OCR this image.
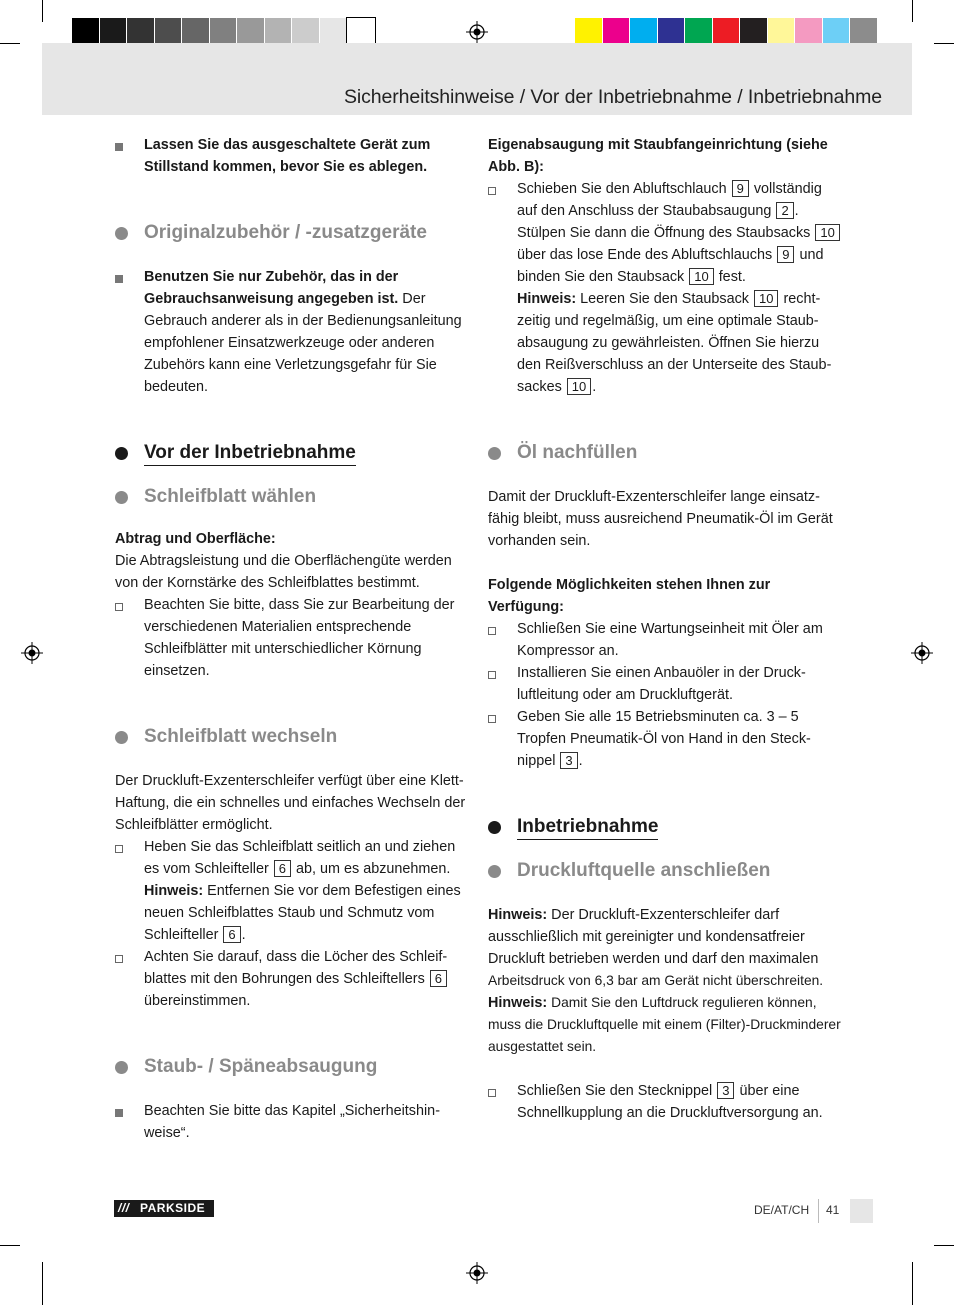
Sicherheitshinweise / Vor der Inbetriebnahme / Inbetriebnahme
Lassen Sie das ausgeschaltete Gerät zum Stillstand kommen, bevor Sie es ablegen.
Originalzubehör / -zusatzgeräte
Benutzen Sie nur Zubehör, das in der Gebrauchsanweisung angegeben ist. Der Gebrauch anderer als in der Bedienungsanleitung empfohlener Einsatzwerkzeuge oder anderen Zubehörs kann eine Verletzungsgefahr für Sie bedeuten.
Vor der Inbetriebnahme
Schleifblatt wählen
Abtrag und Oberfläche:
Die Abtragsleistung und die Oberflächengüte werden von der Kornstärke des Schleifblattes bestimmt.
Beachten Sie bitte, dass Sie zur Bearbeitung der verschiedenen Materialien entsprechende Schleifblätter mit unterschiedlicher Körnung einsetzen.
Schleifblatt wechseln
Der Druckluft-Exzenterschleifer verfügt über eine Klett-Haftung, die ein schnelles und einfaches Wechseln der Schleifblätter ermöglicht.
Heben Sie das Schleifblatt seitlich an und ziehen es vom Schleifteller 6 ab, um es abzunehmen.
Hinweis: Entfernen Sie vor dem Befestigen eines neuen Schleifblattes Staub und Schmutz vom Schleifteller 6 .
Achten Sie darauf, dass die Löcher des Schleifblattes mit den Bohrungen des Schleiftellers 6 übereinstimmen.
Staub- / Späneabsaugung
Beachten Sie bitte das Kapitel „Sicherheitshinweise“.
Eigenabsaugung mit Staubfangeinrichtung (siehe Abb. B):
Schieben Sie den Abluftschlauch 9 vollständig auf den Anschluss der Staubabsaugung 2 . Stülpen Sie dann die Öffnung des Staubsacks 10 über das lose Ende des Abluftschlauchs 9 und binden Sie den Staubsack 10 fest.
Hinweis: Leeren Sie den Staubsack 10 rechtzeitig und regelmäßig, um eine optimale Staubabsaugung zu gewährleisten. Öffnen Sie hierzu den Reißverschluss an der Unterseite des Staubsackes 10 .
Öl nachfüllen
Damit der Druckluft-Exzenterschleifer lange einsatzfähig bleibt, muss ausreichend Pneumatik-Öl im Gerät vorhanden sein.
Folgende Möglichkeiten stehen Ihnen zur Verfügung:
Schließen Sie eine Wartungseinheit mit Öler am Kompressor an.
Installieren Sie einen Anbauöler in der Druckluftleitung oder am Druckluftgerät.
Geben Sie alle 15 Betriebsminuten ca. 3 – 5 Tropfen Pneumatik-Öl von Hand in den Stecknippel 3 .
Inbetriebnahme
Druckluftquelle anschließen
Hinweis: Der Druckluft-Exzenterschleifer darf ausschließlich mit gereinigter und kondensatfreier Druckluft betrieben werden und darf den maximalen Arbeitsdruck von 6,3 bar am Gerät nicht überschreiten.
Hinweis: Damit Sie den Luftdruck regulieren können, muss die Druckluftquelle mit einem (Filter)-Druckminderer ausgestattet sein.
Schließen Sie den Stecknippel 3 über eine Schnellkupplung an die Druckluftversorgung an.
/// PARKSIDE	DE/AT/CH 41
